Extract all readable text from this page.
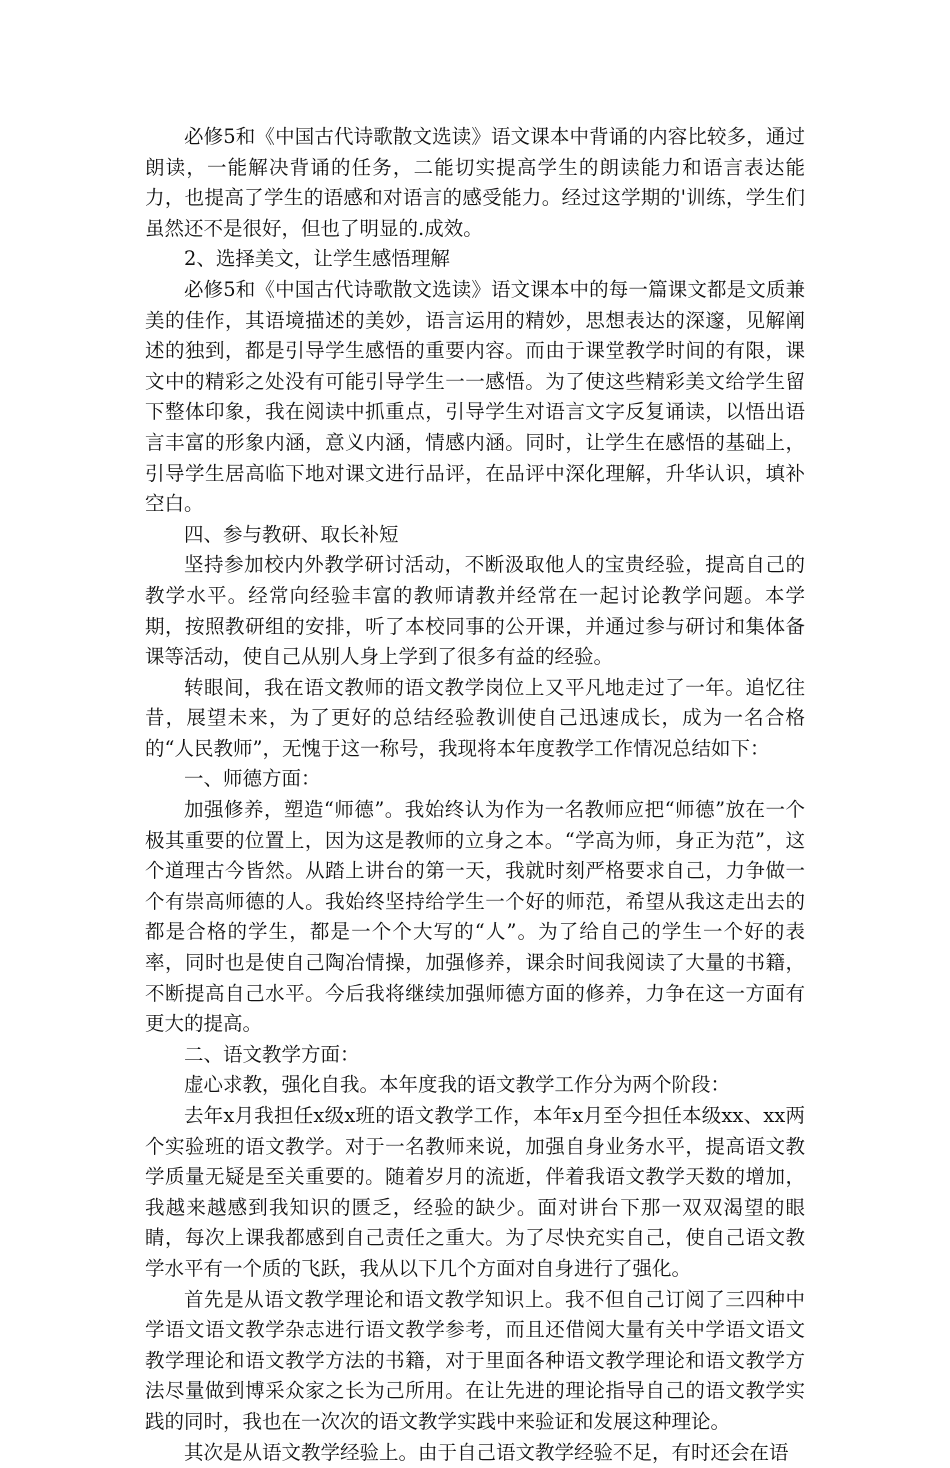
必修5和《中国古代诗歌散文选读》语文课本中背诵的内容比较多，通过朗读，一能解决背诵的任务，二能切实提高学生的朗读能力和语言表达能力，也提高了学生的语感和对语言的感受能力。经过这学期的'训练，学生们虽然还不是很好，但也了明显的.成效。

2、选择美文，让学生感悟理解

必修5和《中国古代诗歌散文选读》语文课本中的每一篇课文都是文质兼美的佳作，其语境描述的美妙，语言运用的精妙，思想表达的深邃，见解阐述的独到，都是引导学生感悟的重要内容。而由于课堂教学时间的有限，课文中的精彩之处没有可能引导学生一一感悟。为了使这些精彩美文给学生留下整体印象，我在阅读中抓重点，引导学生对语言文字反复诵读，以悟出语言丰富的形象内涵，意义内涵，情感内涵。同时，让学生在感悟的基础上，引导学生居高临下地对课文进行品评，在品评中深化理解，升华认识，填补空白。

四、参与教研、取长补短

坚持参加校内外教学研讨活动，不断汲取他人的宝贵经验，提高自己的教学水平。经常向经验丰富的教师请教并经常在一起讨论教学问题。本学期，按照教研组的安排，听了本校同事的公开课，并通过参与研讨和集体备课等活动，使自己从别人身上学到了很多有益的经验。

转眼间，我在语文教师的语文教学岗位上又平凡地走过了一年。追忆往昔，展望未来，为了更好的总结经验教训使自己迅速成长，成为一名合格的“人民教师”，无愧于这一称号，我现将本年度教学工作情况总结如下：

一、师德方面：

加强修养，塑造“师德”。我始终认为作为一名教师应把“师德”放在一个极其重要的位置上，因为这是教师的立身之本。“学高为师，身正为范”，这个道理古今皆然。从踏上讲台的第一天，我就时刻严格要求自己，力争做一个有崇高师德的人。我始终坚持给学生一个好的师范，希望从我这走出去的都是合格的学生，都是一个个大写的“人”。为了给自己的学生一个好的表率，同时也是使自己陶冶情操，加强修养，课余时间我阅读了大量的书籍，不断提高自己水平。今后我将继续加强师德方面的修养，力争在这一方面有更大的提高。

二、语文教学方面：

虚心求教，强化自我。本年度我的语文教学工作分为两个阶段：

去年x月我担任x级x班的语文教学工作，本年x月至今担任本级xx、xx两个实验班的语文教学。对于一名教师来说，加强自身业务水平，提高语文教学质量无疑是至关重要的。随着岁月的流逝，伴着我语文教学天数的增加，我越来越感到我知识的匮乏，经验的缺少。面对讲台下那一双双渴望的眼睛，每次上课我都感到自己责任之重大。为了尽快充实自己，使自己语文教学水平有一个质的飞跃，我从以下几个方面对自身进行了强化。

首先是从语文教学理论和语文教学知识上。我不但自己订阅了三四种中学语文语文教学杂志进行语文教学参考，而且还借阅大量有关中学语文语文教学理论和语文教学方法的书籍，对于里面各种语文教学理论和语文教学方法尽量做到博采众家之长为己所用。在让先进的理论指导自己的语文教学实践的同时，我也在一次次的语文教学实践中来验证和发展这种理论。

其次是从语文教学经验上。由于自己语文教学经验不足，有时还会在语
